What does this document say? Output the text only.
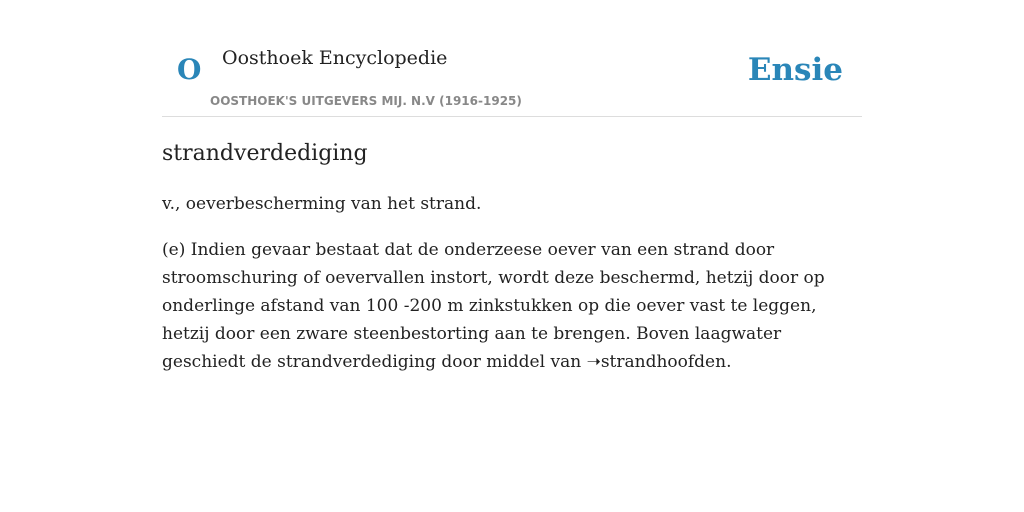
O Oosthoek Encyclopedie
OOSTHOEK'S UITGEVERS MIJ. N.V (1916-1925)
Ensie
strandverdediging

v., oeverbescherming van het strand.

(e) Indien gevaar bestaat dat de onderzeese oever van een strand door stroomschuring of oevervallen instort, wordt deze beschermd, hetzij door op onderlinge afstand van 100 -200 m zinkstukken op die oever vast te leggen, hetzij door een zware steenbestorting aan te brengen. Boven laagwater geschiedt de strandverdediging door middel van ➝strandhoofden.
